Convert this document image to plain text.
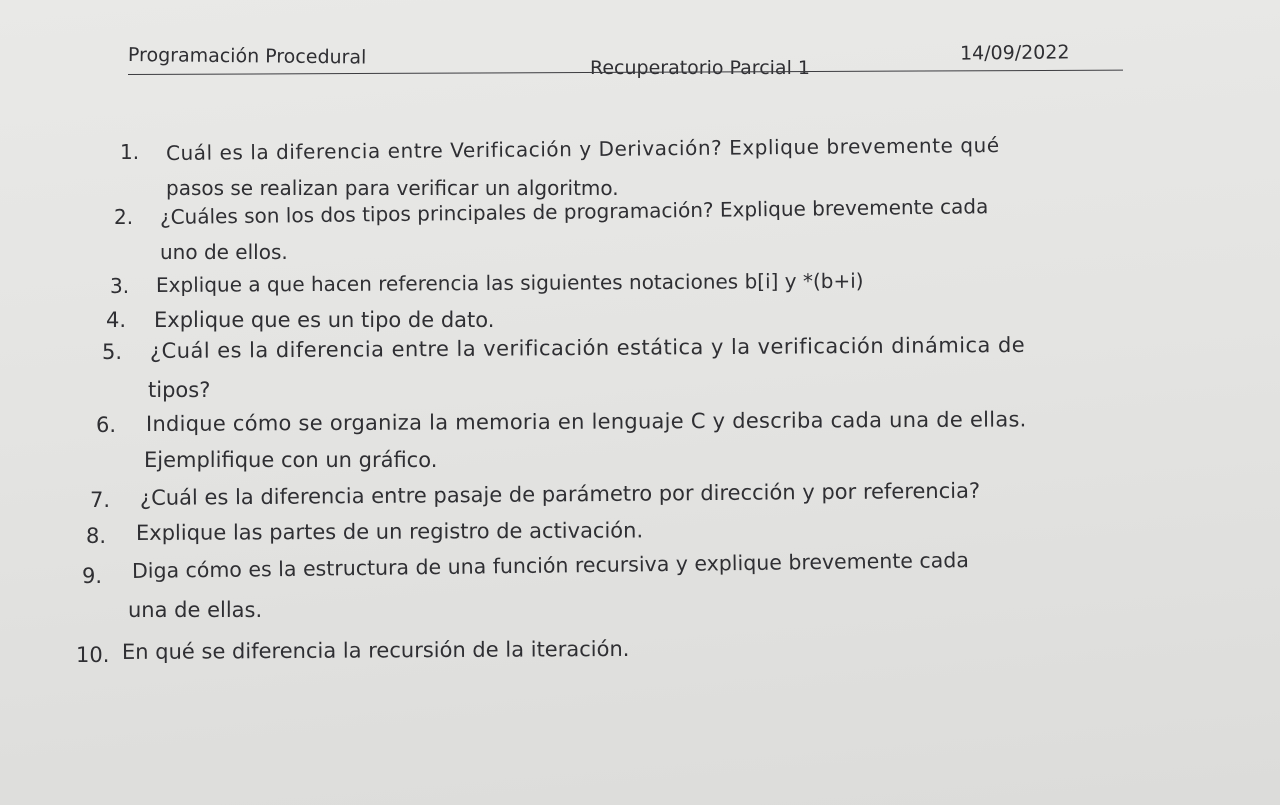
Programación Procedural	Recuperatorio Parcial 1
14/09/2022
1. Cuál es la diferencia entre Verificación y Derivación? Explique brevemente qué
pasos se realizan para verificar un algoritmo.
2. ¿Cuáles son los dos tipos principales de programación? Explique brevemente cada
uno de ellos.
3. Explique a que hacen referencia las siguientes notaciones b[i] y *(b+i)
4. Explique que es un tipo de dato.
5. ¿Cuál es la diferencia entre la verificación estática y la verificación dinámica de
tipos?
6. Indique cómo se organiza la memoria en lenguaje C y describa cada una de ellas.
Ejemplifique con un gráfico.
7. ¿Cuál es la diferencia entre pasaje de parámetro por dirección y por referencia?
8. Explique las partes de un registro de activación.
9. Diga cómo es la estructura de una función recursiva y explique brevemente cada
una de ellas.
10. En qué se diferencia la recursión de la iteración.
